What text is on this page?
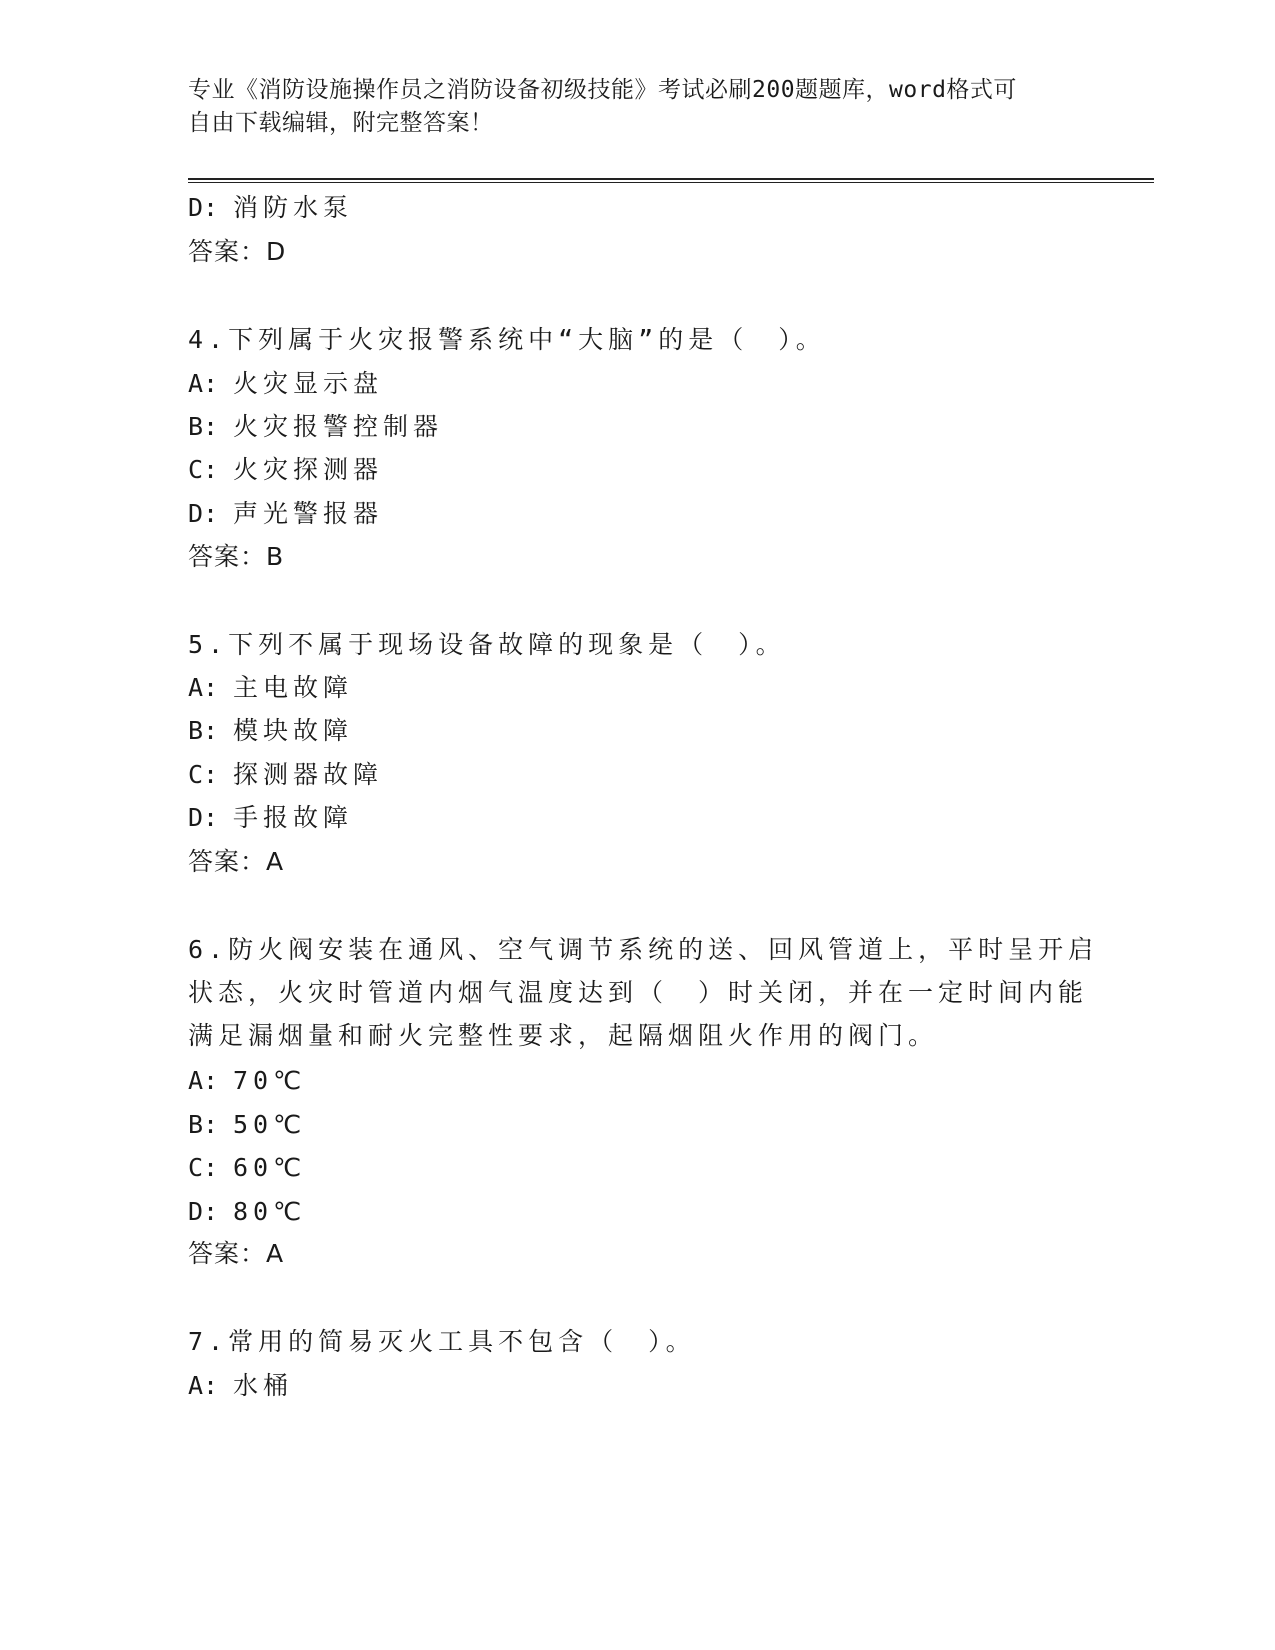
专业《消防设施操作员之消防设备初级技能》考试必刷200题题库，word格式可
自由下载编辑，附完整答案！
D: 消防水泵
答案：D
4.下列属于火灾报警系统中“大脑”的是（　）。
A: 火灾显示盘
B: 火灾报警控制器
C: 火灾探测器
D: 声光警报器
答案：B
5.下列不属于现场设备故障的现象是（　）。
A: 主电故障
B: 模块故障
C: 探测器故障
D: 手报故障
答案：A
6.防火阀安装在通风、空气调节系统的送、回风管道上，平时呈开启
状态，火灾时管道内烟气温度达到（　）时关闭，并在一定时间内能
满足漏烟量和耐火完整性要求，起隔烟阻火作用的阀门。
A: 70℃
B: 50℃
C: 60℃
D: 80℃
答案：A
7.常用的简易灭火工具不包含（　）。
A: 水桶
